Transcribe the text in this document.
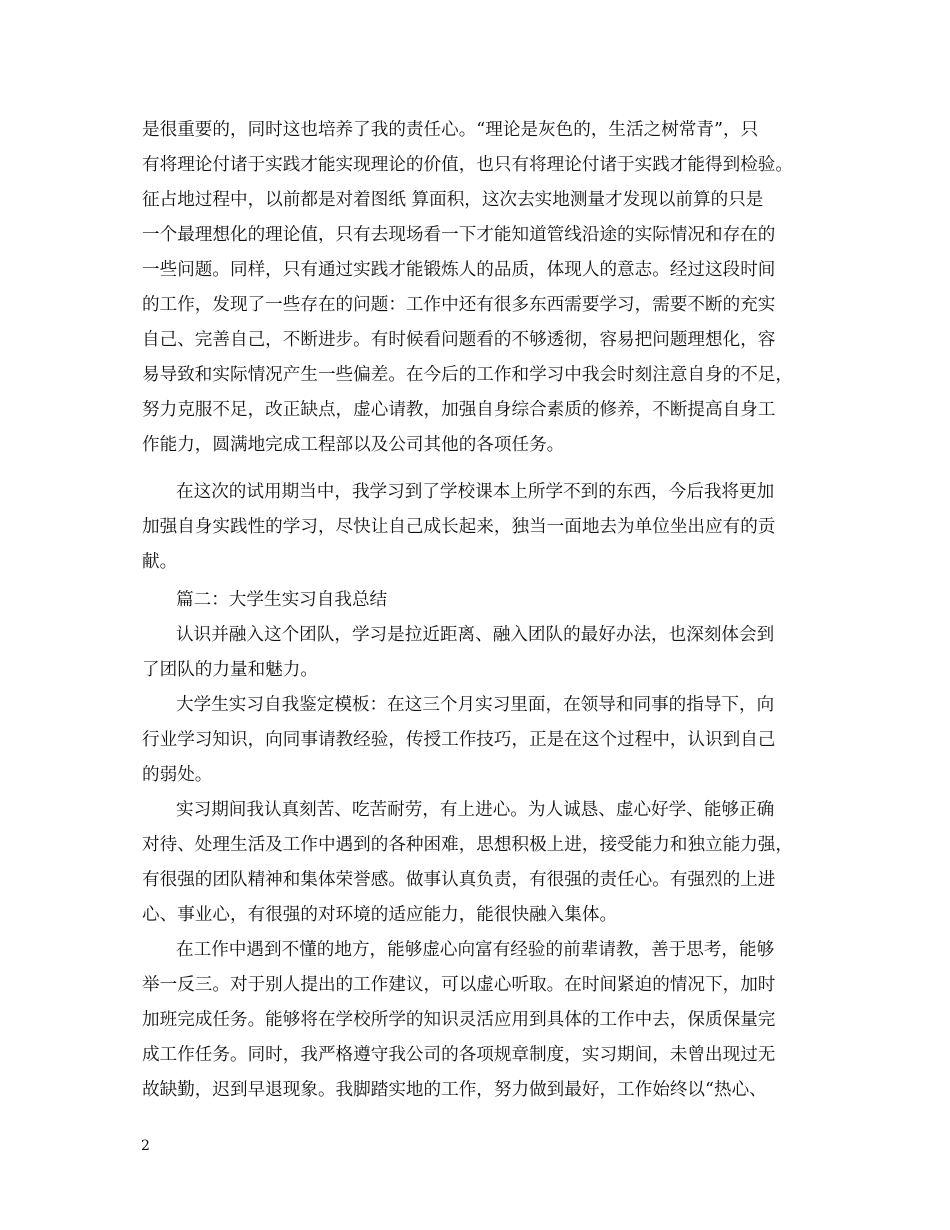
是很重要的，同时这也培养了我的责任心。“理论是灰色的，生活之树常青”，只
有将理论付诸于实践才能实现理论的价值，也只有将理论付诸于实践才能得到检验。
征占地过程中，以前都是对着图纸 算面积，这次去实地测量才发现以前算的只是
一个最理想化的理论值，只有去现场看一下才能知道管线沿途的实际情况和存在的
一些问题。同样，只有通过实践才能锻炼人的品质，体现人的意志。经过这段时间
的工作，发现了一些存在的问题：工作中还有很多东西需要学习，需要不断的充实
自己、完善自己，不断进步。有时候看问题看的不够透彻，容易把问题理想化，容
易导致和实际情况产生一些偏差。在今后的工作和学习中我会时刻注意自身的不足，
努力克服不足，改正缺点，虚心请教，加强自身综合素质的修养，不断提高自身工
作能力，圆满地完成工程部以及公司其他的各项任务。
在这次的试用期当中，我学习到了学校课本上所学不到的东西，今后我将更加
加强自身实践性的学习，尽快让自己成长起来，独当一面地去为单位坐出应有的贡
献。
篇二：大学生实习自我总结
认识并融入这个团队，学习是拉近距离、融入团队的最好办法，也深刻体会到
了团队的力量和魅力。
大学生实习自我鉴定模板：在这三个月实习里面，在领导和同事的指导下，向
行业学习知识，向同事请教经验，传授工作技巧，正是在这个过程中，认识到自己
的弱处。
实习期间我认真刻苦、吃苦耐劳，有上进心。为人诚恳、虚心好学、能够正确
对待、处理生活及工作中遇到的各种困难，思想积极上进，接受能力和独立能力强，
有很强的团队精神和集体荣誉感。做事认真负责，有很强的责任心。有强烈的上进
心、事业心，有很强的对环境的适应能力，能很快融入集体。
在工作中遇到不懂的地方，能够虚心向富有经验的前辈请教，善于思考，能够
举一反三。对于别人提出的工作建议，可以虚心听取。在时间紧迫的情况下，加时
加班完成任务。能够将在学校所学的知识灵活应用到具体的工作中去，保质保量完
成工作任务。同时，我严格遵守我公司的各项规章制度，实习期间，未曾出现过无
故缺勤，迟到早退现象。我脚踏实地的工作，努力做到最好，工作始终以“热心、
2
